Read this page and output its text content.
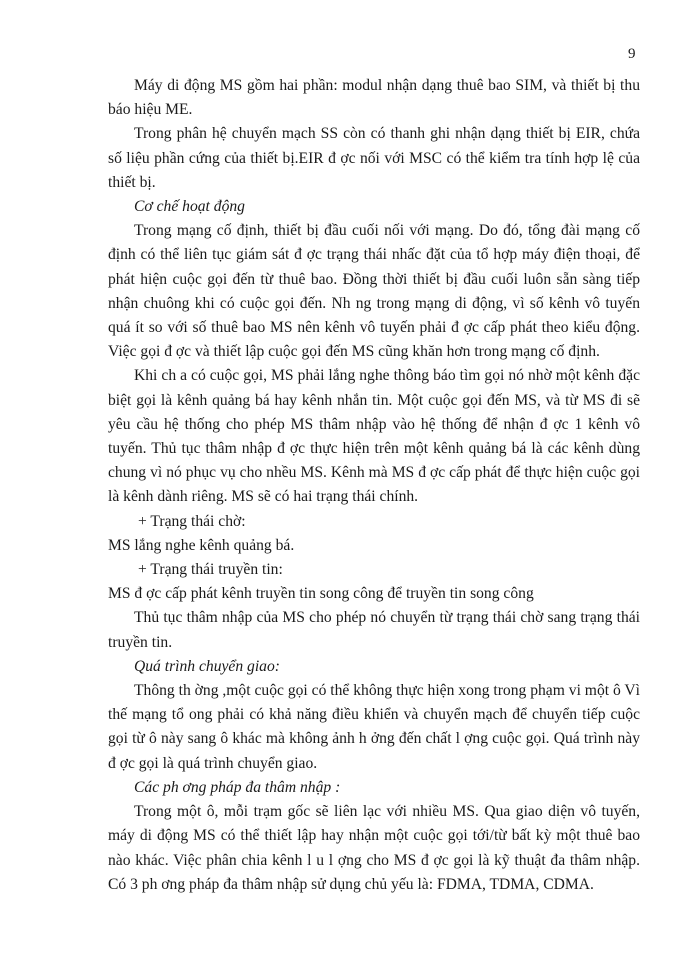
9

Máy di động MS gồm hai phần: modul nhận dạng thuê bao SIM, và thiết bị thu báo hiệu ME.

Trong phân hệ chuyển mạch SS còn có thanh ghi nhận dạng thiết bị EIR, chứa số liệu phần cứng của thiết bị.EIR đ ợc nối với MSC có thể kiểm tra tính hợp lệ của thiết bị.

Cơ chế hoạt động

Trong mạng cố định, thiết bị đầu cuối nối với mạng. Do đó, tổng đài mạng cố định có thể liên tục giám sát đ ợc trạng thái nhấc đặt của tổ hợp máy điện thoại, để phát hiện cuộc gọi đến từ thuê bao. Đồng thời thiết bị đầu cuối luôn sẵn sàng tiếp nhận chuông khi có cuộc gọi đến. Nh ng trong mạng di động, vì số kênh vô tuyến quá ít so với số thuê bao MS nên kênh vô tuyến phải đ ợc cấp phát theo kiểu động. Việc gọi đ ợc và thiết lập cuộc gọi đến MS cũng khăn hơn trong mạng cố định.

Khi ch a có cuộc gọi, MS phải lắng nghe thông báo tìm gọi nó nhờ một kênh đặc biệt gọi là kênh quảng bá hay kênh nhắn tin. Một cuộc gọi đến MS, và từ MS đi sẽ yêu cầu hệ thống cho phép MS thâm nhập vào hệ thống để nhận đ ợc 1 kênh vô tuyến. Thủ tục thâm nhập đ ợc thực hiện trên một kênh quảng bá là các kênh dùng chung vì nó phục vụ cho nhều MS. Kênh mà MS đ ợc cấp phát để thực hiện cuộc gọi là kênh dành riêng. MS sẽ có hai trạng thái chính.

+ Trạng thái chờ:

MS lắng nghe kênh quảng bá.

+ Trạng thái truyền tin:

MS đ ợc cấp phát kênh truyền tin song công để truyền tin song công

Thủ tục thâm nhập của MS cho phép nó chuyển từ trạng thái chờ sang trạng thái truyền tin.

Quá trình chuyển giao:

Thông th ờng ,một cuộc gọi có thể không thực hiện xong trong phạm vi một ô Vì thế mạng tổ ong phải có khả năng điều khiển và chuyển mạch để chuyển tiếp cuộc gọi từ ô này sang ô khác mà không ảnh h ởng đến chất l ợng cuộc gọi. Quá trình này đ ợc gọi là quá trình chuyển giao.

Các ph ơng pháp đa thâm nhập :

Trong một ô, mỗi trạm gốc sẽ liên lạc với nhiều MS. Qua giao diện vô tuyến, máy di động MS có thể thiết lập hay nhận một cuộc gọi tới/từ bất kỳ một thuê bao nào khác. Việc phân chia kênh l u l ợng cho MS đ ợc gọi là kỹ thuật đa thâm nhập. Có 3 ph ơng pháp đa thâm nhập sử dụng chủ yếu là: FDMA, TDMA, CDMA.
